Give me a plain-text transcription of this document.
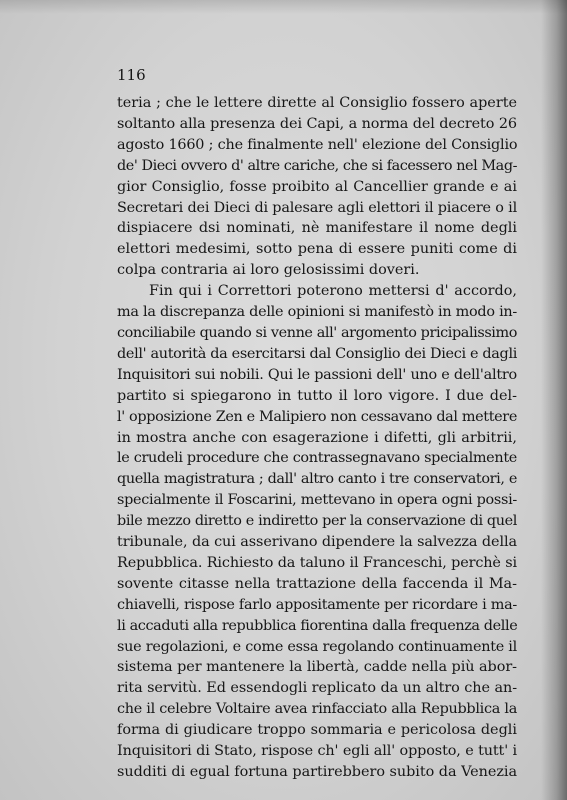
116

teria ; che le lettere dirette al Consiglio fossero aperte
soltanto alla presenza dei Capi, a norma del decreto 26
agosto 1660 ; che finalmente nell' elezione del Consiglio
de' Dieci ovvero d' altre cariche, che si facessero nel Mag-
gior Consiglio, fosse proibito al Cancellier grande e ai
Secretari dei Dieci di palesare agli elettori il piacere o il
dispiacere dsi nominati, nè manifestare il nome degli
elettori medesimi, sotto pena di essere puniti come di
colpa contraria ai loro gelosissimi doveri.
Fin qui i Correttori poterono mettersi d' accordo,
ma la discrepanza delle opinioni si manifestò in modo in-
conciliabile quando si venne all' argomento pricipalissimo
dell' autorità da esercitarsi dal Consiglio dei Dieci e dagli
Inquisitori sui nobili. Qui le passioni dell' uno e dell'altro
partito si spiegarono in tutto il loro vigore. I due del-
l' opposizione Zen e Malipiero non cessavano dal mettere
in mostra anche con esagerazione i difetti, gli arbitrii,
le crudeli procedure che contrassegnavano specialmente
quella magistratura ; dall' altro canto i tre conservatori, e
specialmente il Foscarini, mettevano in opera ogni possi-
bile mezzo diretto e indiretto per la conservazione di quel
tribunale, da cui asserivano dipendere la salvezza della
Repubblica. Richiesto da taluno il Franceschi, perchè si
sovente citasse nella trattazione della faccenda il Ma-
chiavelli, rispose farlo appositamente per ricordare i ma-
li accaduti alla repubblica fiorentina dalla frequenza delle
sue regolazioni, e come essa regolando continuamente il
sistema per mantenere la libertà, cadde nella più abor-
rita servitù. Ed essendogli replicato da un altro che an-
che il celebre Voltaire avea rinfacciato alla Repubblica la
forma di giudicare troppo sommaria e pericolosa degli
Inquisitori di Stato, rispose ch' egli all' opposto, e tutt' i
sudditi di egual fortuna partirebbero subito da Venezia
